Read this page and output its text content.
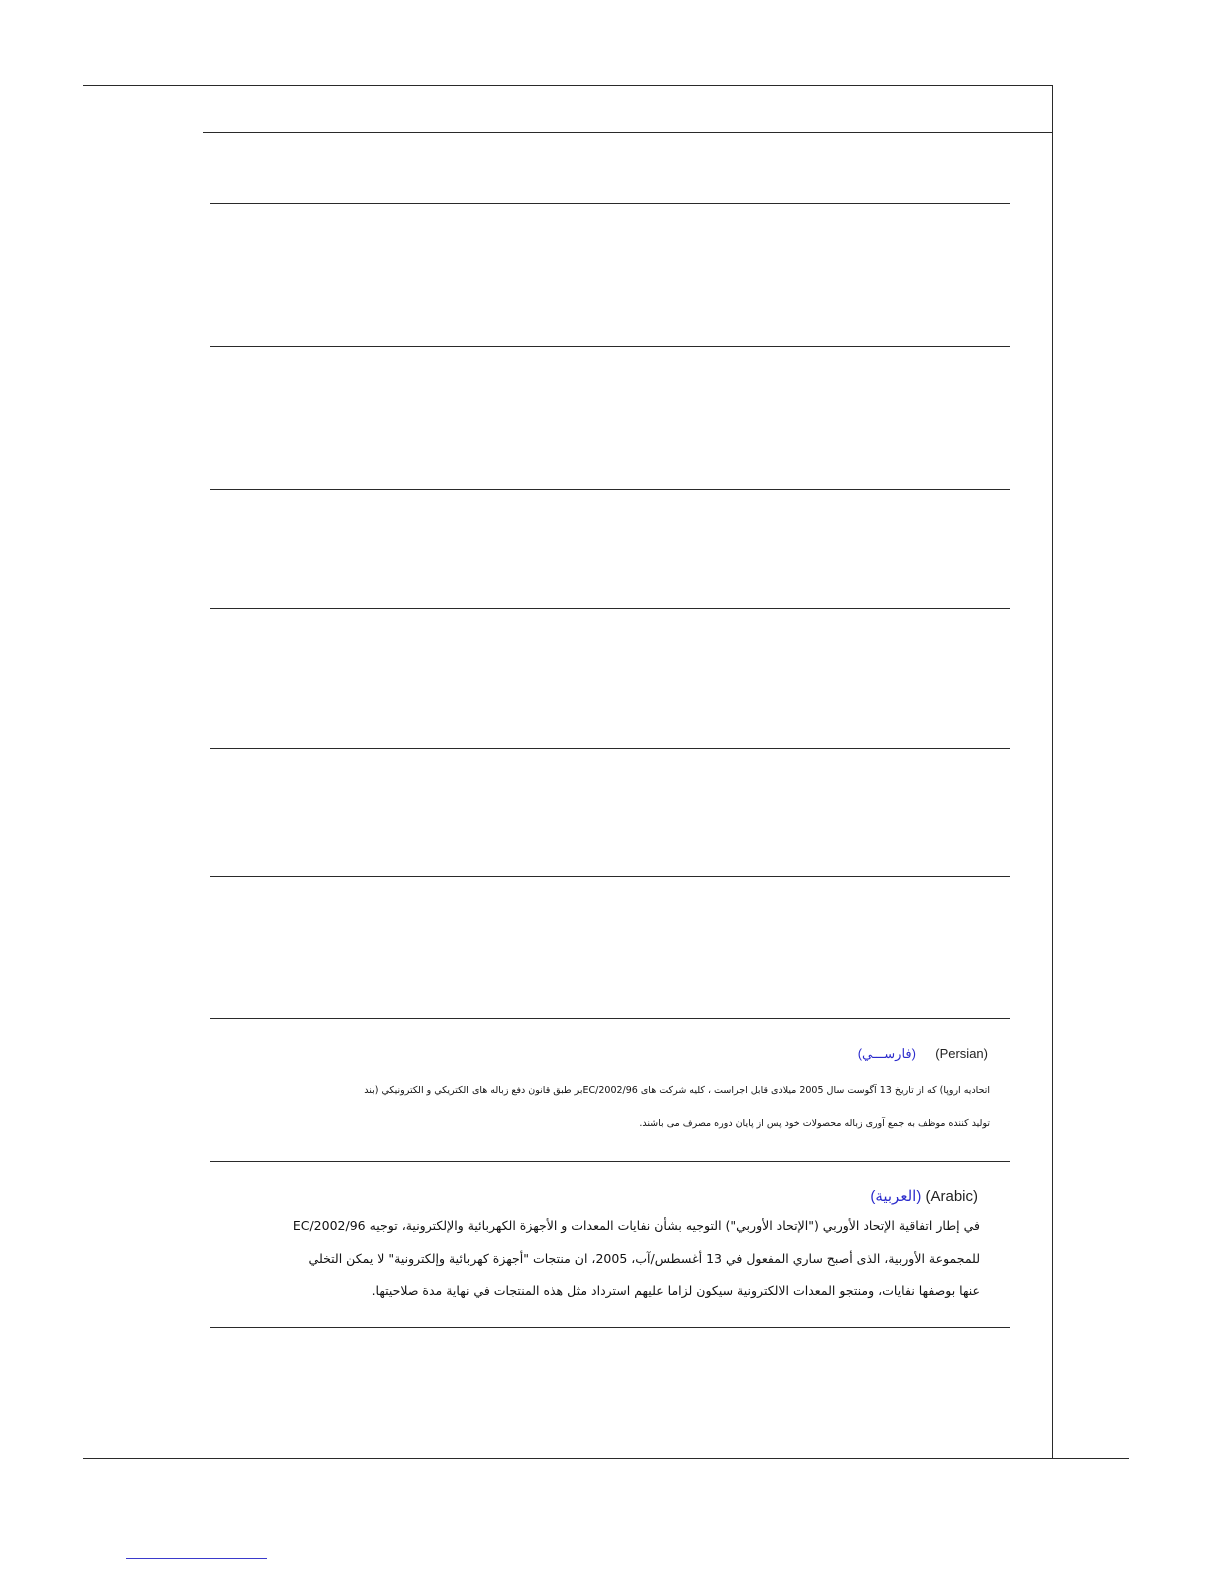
(فارســـي) (Persian)
اتحاديه اروپا) كه از تاريخ 13 آگوست سال 2005 ميلادی قابل اجراست ، كليه شركت های 2002/96/ECبر طبق قانون دفع زباله های الكتريكي و الكترونيكي (بند
توليد كننده موظف به جمع آوری زباله محصولات خود پس از پايان دوره مصرف می باشند.
(العربية) (Arabic)
في إطار اتفاقية الإتحاد الأوربي ("الإتحاد الأوربي") التوجيه بشأن نفايات المعدات و الأجهزة الكهربائية والإلكترونية، توجيه 2002/96/EC
للمجموعة الأوربية، الذى أصبح ساري المفعول في 13 أغسطس/آب، 2005، ان منتجات "أجهزة كهربائية وإلكترونية" لا يمكن التخلي
عنها بوصفها نفايات، ومنتجو المعدات الالكترونية سيكون لزاما عليهم استرداد مثل هذه المنتجات في نهاية مدة صلاحيتها.
